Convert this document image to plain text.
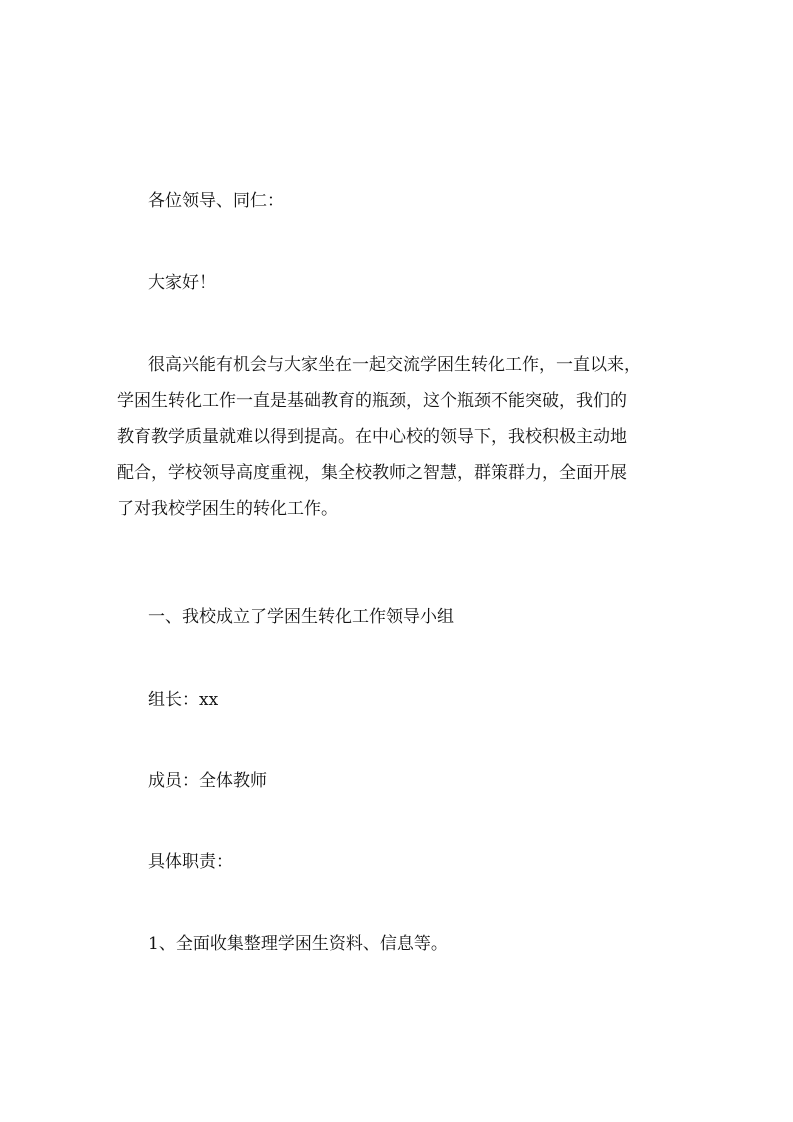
各位领导、同仁：
大家好！
很高兴能有机会与大家坐在一起交流学困生转化工作，一直以来，
学困生转化工作一直是基础教育的瓶颈，这个瓶颈不能突破，我们的
教育教学质量就难以得到提高。在中心校的领导下，我校积极主动地
配合，学校领导高度重视，集全校教师之智慧，群策群力，全面开展
了对我校学困生的转化工作。
一、我校成立了学困生转化工作领导小组
组长：xx
成员：全体教师
具体职责：
1、全面收集整理学困生资料、信息等。
